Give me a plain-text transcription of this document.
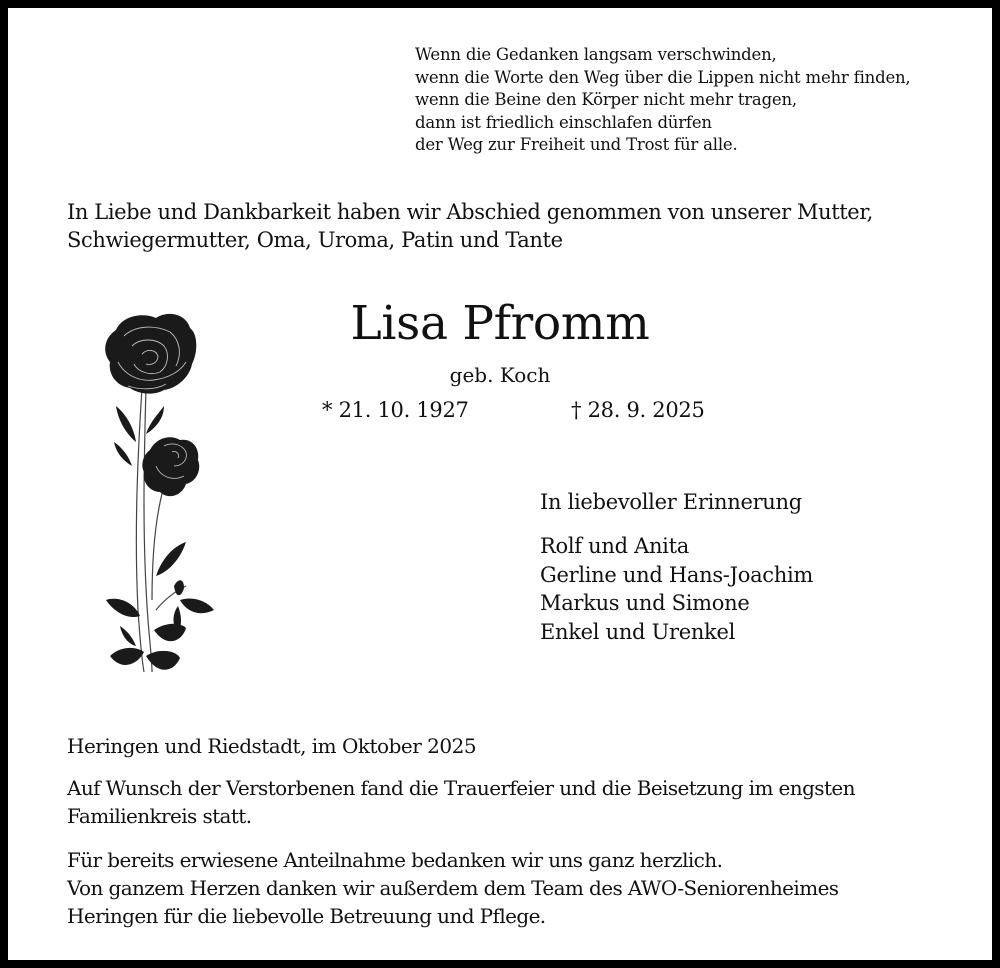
Wenn die Gedanken langsam verschwinden,
wenn die Worte den Weg über die Lippen nicht mehr finden,
wenn die Beine den Körper nicht mehr tragen,
dann ist friedlich einschlafen dürfen
der Weg zur Freiheit und Trost für alle.
In Liebe und Dankbarkeit haben wir Abschied genommen von unserer Mutter,
Schwiegermutter, Oma, Uroma, Patin und Tante
Lisa Pfromm
geb. Koch
* 21. 10. 1927	† 28. 9. 2025
In liebevoller Erinnerung
Rolf und Anita
Gerline und Hans-Joachim
Markus und Simone
Enkel und Urenkel
Heringen und Riedstadt, im Oktober 2025
Auf Wunsch der Verstorbenen fand die Trauerfeier und die Beisetzung im engsten
Familienkreis statt.
Für bereits erwiesene Anteilnahme bedanken wir uns ganz herzlich.
Von ganzem Herzen danken wir außerdem dem Team des AWO-Seniorenheimes
Heringen für die liebevolle Betreuung und Pflege.
